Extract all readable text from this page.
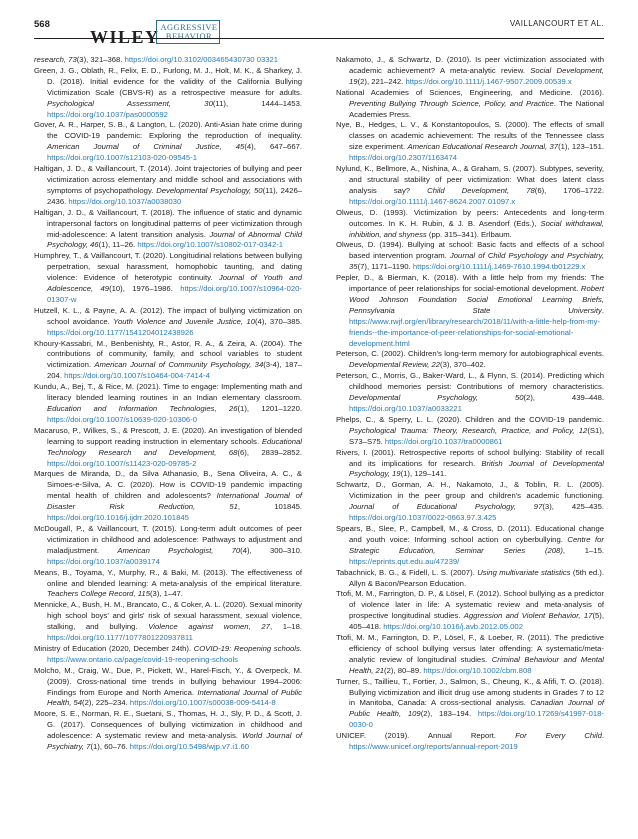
568
WILEY AGGRESSIVE
BEHAVIOR
VAILLANCOURT ET AL.
research, 73(3), 321–368. https://doi.org/10.3102/003465430730 03321
Green, J. G., Oblath, R., Felix, E. D., Furlong, M. J., Holt, M. K., & Sharkey, J. D. (2018). Initial evidence for the validity of the California Bullying Victimization Scale (CBVS-R) as a retrospective measure for adults. Psychological Assessment, 30(11), 1444–1453. https://doi.org/10.1037/pas0000592
Gover, A. R., Harper, S. B., & Langton, L. (2020). Anti-Asian hate crime during the COVID-19 pandemic: Exploring the reproduction of inequality. American Journal of Criminal Justice, 45(4), 647–667. https://doi.org/10.1007/s12103-020-09545-1
Haltigan, J. D., & Vaillancourt, T. (2014). Joint trajectories of bullying and peer victimization across elementary and middle school and associations with symptoms of psychopathology. Developmental Psychology, 50(11), 2426–2436. https://doi.org/10.1037/a0038030
Haltigan, J. D., & Vaillancourt, T. (2018). The influence of static and dynamic intrapersonal factors on longitudinal patterns of peer victimization through mid-adolescence: A latent transition analysis. Journal of Abnormal Child Psychology, 46(1), 11–26. https://doi.org/10.1007/s10802-017-0342-1
Humphrey, T., & Vaillancourt, T. (2020). Longitudinal relations between bullying perpetration, sexual harassment, homophobic taunting, and dating violence: Evidence of heterotypic continuity. Journal of Youth and Adolescence, 49(10), 1976–1986. https://doi.org/10.1007/s10964-020-01307-w
Hutzell, K. L., & Payne, A. A. (2012). The impact of bullying victimization on school avoidance. Youth Violence and Juvenile Justice, 10(4), 370–385. https://doi.org/10.1177/1541204012438926
Khoury-Kassabri, M., Benbenishty, R., Astor, R. A., & Zeira, A. (2004). The contributions of community, family, and school variables to student victimization. American Journal of Community Psychology, 34(3-4), 187–204. https://doi.org/10.1007/s10464-004-7414-4
Kundu, A., Bej, T., & Rice, M. (2021). Time to engage: Implementing math and literacy blended learning routines in an Indian elementary classroom. Education and Information Technologies, 26(1), 1201–1220. https://doi.org/10.1007/s10639-020-10306-0
Macaruso, P., Wilkes, S., & Prescott, J. E. (2020). An investigation of blended learning to support reading instruction in elementary schools. Educational Technology Research and Development, 68(6), 2839–2852. https://doi.org/10.1007/s11423-020-09785-2
Marques de Miranda, D., da Silva Athanasio, B., Sena Oliveira, A. C., & Simoes-e-Silva, A. C. (2020). How is COVID-19 pandemic impacting mental health of children and adolescents? International Journal of Disaster Risk Reduction, 51, 101845. https://doi.org/10.1016/j.ijdrr.2020.101845
McDougall, P., & Vaillancourt, T. (2015). Long-term adult outcomes of peer victimization in childhood and adolescence: Pathways to adjustment and maladjustment. American Psychologist, 70(4), 300–310. https://doi.org/10.1037/a0039174
Means, B., Toyama, Y., Murphy, R., & Baki, M. (2013). The effectiveness of online and blended learning: A meta-analysis of the empirical literature. Teachers College Record, 115(3), 1–47.
Mennicke, A., Bush, H. M., Brancato, C., & Coker, A. L. (2020). Sexual minority high school boys' and girls' risk of sexual harassment, sexual violence, stalking, and bullying. Violence against women, 27, 1–18. https://doi.org/10.1177/1077801220937811
Ministry of Education (2020, December 24th). COVID-19: Reopening schools. https://www.ontario.ca/page/covid-19-reopening-schools
Molcho, M., Craig, W., Due, P., Pickett, W., Harel-Fisch, Y., & Overpeck, M. (2009). Cross-national time trends in bullying behaviour 1994–2006: Findings from Europe and North America. International Journal of Public Health, 54(2), 225–234. https://doi.org/10.1007/s00038-009-5414-8
Moore, S. E., Norman, R. E., Suetani, S., Thomas, H. J., Sly, P. D., & Scott, J. G. (2017). Consequences of bullying victimization in childhood and adolescence: A systematic review and meta-analysis. World Journal of Psychiatry, 7(1), 60–76. https://doi.org/10.5498/wjp.v7.i1.60
Nakamoto, J., & Schwartz, D. (2010). Is peer victimization associated with academic achievement? A meta-analytic review. Social Development, 19(2), 221–242. https://doi.org/10.1111/j.1467-9507.2009.00539.x
National Academies of Sciences, Engineering, and Medicine. (2016). Preventing Bullying Through Science, Policy, and Practice. The National Academies Press.
Nye, B., Hedges, L. V., & Konstantopoulos, S. (2000). The effects of small classes on academic achievement: The results of the Tennessee class size experiment. American Educational Research Journal, 37(1), 123–151. https://doi.org/10.2307/1163474
Nylund, K., Bellmore, A., Nishina, A., & Graham, S. (2007). Subtypes, severity, and structural stability of peer victimization: What does latent class analysis say? Child Development, 78(6), 1706–1722. https://doi.org/10.1111/j.1467-8624.2007.01097.x
Olweus, D. (1993). Victimization by peers: Antecedents and long-term outcomes. In K. H. Rubin, & J. B. Asendorf (Eds.), Social withdrawal, inhibition, and shyness (pp. 315–341). Erlbaum.
Olweus, D. (1994). Bullying at school: Basic facts and effects of a school based intervention program. Journal of Child Psychology and Psychiatry, 35(7), 1171–1190. https://doi.org/10.1111/j.1469-7610.1994.tb01229.x
Pepler, D., & Bierman, K. (2018). With a little help from my friends: The importance of peer relationships for social-emotional development. Robert Wood Johnson Foundation Social Emotional Learning Briefs, Pennsylvania State University. https://www.rwjf.org/en/library/research/2018/11/with-a-little-help-from-my-friends--the-importance-of-peer-relationships-for-social-emotional-development.html
Peterson, C. (2002). Children's long-term memory for autobiographical events. Developmental Review, 22(3), 370–402.
Peterson, C., Morris, G., Baker-Ward, L., & Flynn, S. (2014). Predicting which childhood memories persist: Contributions of memory characteristics. Developmental Psychology, 50(2), 439–448. https://doi.org/10.1037/a0033221
Phelps, C., & Sperry, L. L. (2020). Children and the COVID-19 pandemic. Psychological Trauma: Theory, Research, Practice, and Policy, 12(S1), S73–S75. https://doi.org/10.1037/tra0000861
Rivers, I. (2001). Retrospective reports of school bullying: Stability of recall and its implications for research. British Journal of Developmental Psychology, 19(1), 129–141.
Schwartz, D., Gorman, A. H., Nakamoto, J., & Toblin, R. L. (2005). Victimization in the peer group and children's academic functioning. Journal of Educational Psychology, 97(3), 425–435. https://doi.org/10.1037/0022-0663.97.3.425
Spears, B., Slee, P., Campbell, M., & Cross, D. (2011). Educational change and youth voice: Informing school action on cyberbullying. Centre for Strategic Education, Seminar Series (208), 1–15. https://eprints.qut.edu.au/47239/
Tabachnick, B. G., & Fidell, L. S. (2007). Using multivariate statistics (5th ed.). Allyn & Bacon/Pearson Education.
Ttofi, M. M., Farrington, D. P., & Lösel, F. (2012). School bullying as a predictor of violence later in life: A systematic review and meta-analysis of prospective longitudinal studies. Aggression and Violent Behavior, 17(5), 405–418. https://doi.org/10.1016/j.avb.2012.05.002
Ttofi, M. M., Farrington, D. P., Lösel, F., & Loeber, R. (2011). The predictive efficiency of school bullying versus later offending: A systematic/meta-analytic review of longitudinal studies. Criminal Behaviour and Mental Health, 21(2), 80–89. https://doi.org/10.1002/cbm.808
Turner, S., Taillieu, T., Fortier, J., Salmon, S., Cheung, K., & Afifi, T. O. (2018). Bullying victimization and illicit drug use among students in Grades 7 to 12 in Manitoba, Canada: A cross-sectional analysis. Canadian Journal of Public Health, 109(2), 183–194. https://doi.org/10.17269/s41997-018-0030-0
UNICEF. (2019). Annual Report. For Every Child. https://www.unicef.org/reports/annual-report-2019
